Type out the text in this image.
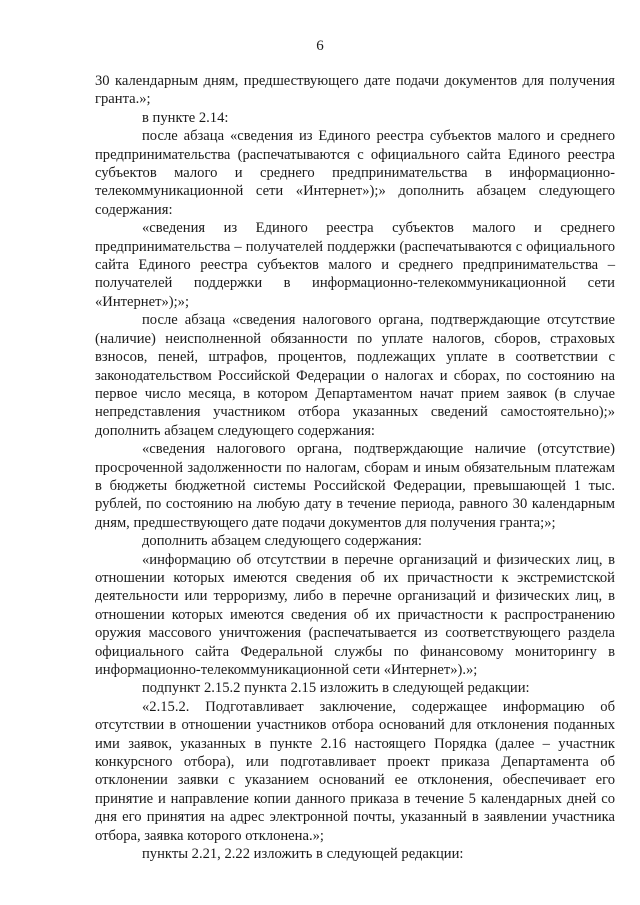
6

30 календарным дням, предшествующего дате подачи документов для получения гранта.»;

в пункте 2.14:

после абзаца «сведения из Единого реестра субъектов малого и среднего предпринимательства (распечатываются с официального сайта Единого реестра субъектов малого и среднего предпринимательства в информационно-телекоммуникационной сети «Интернет»);» дополнить абзацем следующего содержания:

«сведения из Единого реестра субъектов малого и среднего предпринимательства – получателей поддержки (распечатываются с официального сайта Единого реестра субъектов малого и среднего предпринимательства – получателей поддержки в информационно-телекоммуникационной сети «Интернет»);»;

после абзаца «сведения налогового органа, подтверждающие отсутствие (наличие) неисполненной обязанности по уплате налогов, сборов, страховых взносов, пеней, штрафов, процентов, подлежащих уплате в соответствии с законодательством Российской Федерации о налогах и сборах, по состоянию на первое число месяца, в котором Департаментом начат прием заявок (в случае непредставления участником отбора указанных сведений самостоятельно);» дополнить абзацем следующего содержания:

«сведения налогового органа, подтверждающие наличие (отсутствие) просроченной задолженности по налогам, сборам и иным обязательным платежам в бюджеты бюджетной системы Российской Федерации, превышающей 1 тыс. рублей, по состоянию на любую дату в течение периода, равного 30 календарным дням, предшествующего дате подачи документов для получения гранта;»;

дополнить абзацем следующего содержания:

«информацию об отсутствии в перечне организаций и физических лиц, в отношении которых имеются сведения об их причастности к экстремистской деятельности или терроризму, либо в перечне организаций и физических лиц, в отношении которых имеются сведения об их причастности к распространению оружия массового уничтожения (распечатывается из соответствующего раздела официального сайта Федеральной службы по финансовому мониторингу в информационно-телекоммуникационной сети «Интернет»).»;

подпункт 2.15.2 пункта 2.15 изложить в следующей редакции:

«2.15.2. Подготавливает заключение, содержащее информацию об отсутствии в отношении участников отбора оснований для отклонения поданных ими заявок, указанных в пункте 2.16 настоящего Порядка (далее – участник конкурсного отбора), или подготавливает проект приказа Департамента об отклонении заявки с указанием оснований ее отклонения, обеспечивает его принятие и направление копии данного приказа в течение 5 календарных дней со дня его принятия на адрес электронной почты, указанный в заявлении участника отбора, заявка которого отклонена.»;

пункты 2.21, 2.22 изложить в следующей редакции:
